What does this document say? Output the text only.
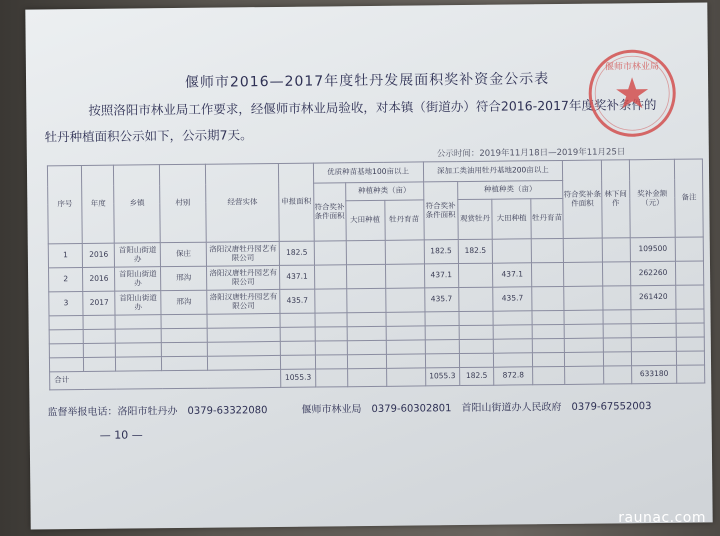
偃师市2016—2017年度牡丹发展面积奖补资金公示表
按照洛阳市林业局工作要求，经偃师市林业局验收，对本镇（街道办）符合2016-2017年度奖补条件的
牡丹种植面积公示如下，公示期7天。
公示时间：2019年11月18日—2019年11月25日
偃师市林业局
序号	年度	乡镇	村别	经营实体	申报面积	优质种苗基地100亩以上			深加工类油用牡丹基地200亩以上				符合奖补条件面积	林下间作	奖补金额（元）	备注
						符合奖补条件面积	种植种类（亩）		符合奖补条件面积	种植种类（亩）						
							大田种植	牡丹育苗		观赏牡丹	大田种植	牡丹育苗				
1	2016	首阳山街道办	保庄	洛阳汉唐牡丹园艺有限公司	182.5				182.5	182.5					109500	
2	2016	首阳山街道办	邢沟	洛阳汉唐牡丹园艺有限公司	437.1				437.1		437.1				262260	
3	2017	首阳山街道办	邢沟	洛阳汉唐牡丹园艺有限公司	435.7				435.7		435.7				261420	

合计					1055.3				1055.3	182.5	872.8				633180	
监督举报电话：洛阳市牡丹办　0379-63322080	偃师市林业局　0379-60302801 首阳山街道办人民政府　0379-67552003
— 10 —
raunac.com
